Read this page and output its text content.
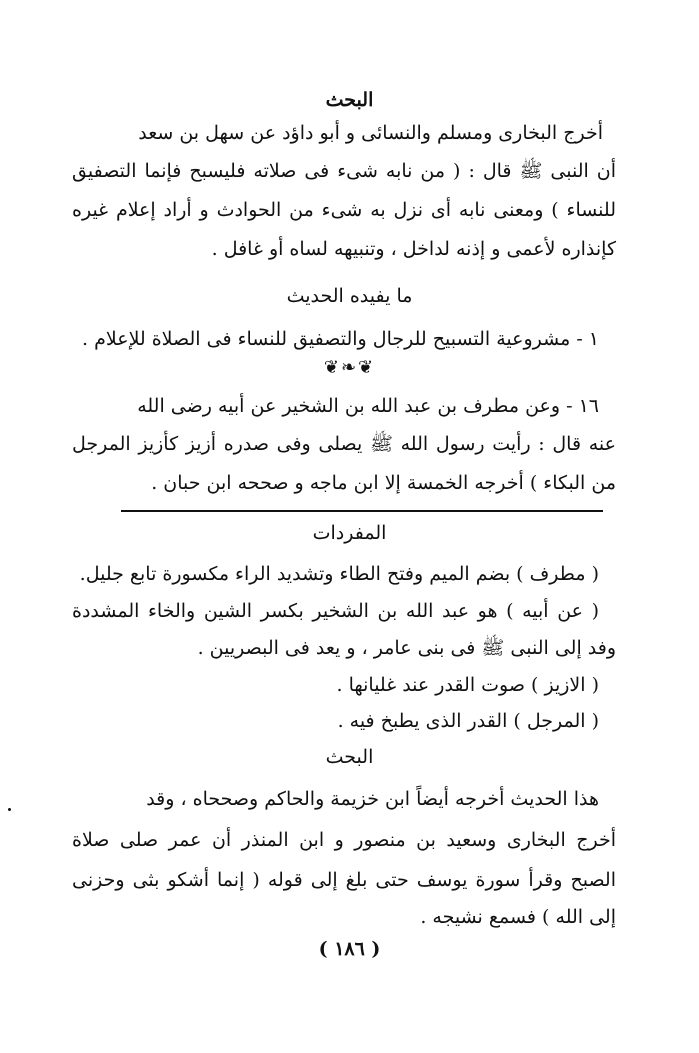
البحث
أخرج البخارى ومسلم والنسائى و أبو داؤد عن سهل بن سعد
أن النبى ﷺ قال : ( من نابه شىء فى صلاته فليسبح فإنما التصفيق
للنساء ) ومعنى نابه أى نزل به شىء من الحوادث و أراد إعلام غيره
كإنذاره لأعمى و إذنه لداخل ، وتنبيهه لساه أو غافل .
ما يفيده الحديث
١ - مشروعية التسبيح للرجال والتصفيق للنساء فى الصلاة للإعلام .
❦❧❦
١٦ - وعن مطرف بن عبد الله بن الشخير عن أبيه رضى الله
عنه قال : رأيت رسول الله ﷺ يصلى وفى صدره أزيز كأزيز المرجل
من البكاء ) أخرجه الخمسة إلا ابن ماجه و صححه ابن حبان .
المفردات
( مطرف ) بضم الميم وفتح الطاء وتشديد الراء مكسورة تابع جليل.
( عن أبيه ) هو عبد الله بن الشخير بكسر الشين والخاء المشددة
وفد إلى النبى ﷺ فى بنى عامر ، و يعد فى البصريين .
( الازيز ) صوت القدر عند غليانها .
( المرجل ) القدر الذى يطبخ فيه .
البحث
هذا الحديث أخرجه أيضاً ابن خزيمة والحاكم وصححاه ، وقد
أخرج البخارى وسعيد بن منصور و ابن المنذر أن عمر صلى صلاة
الصبح وقرأ سورة يوسف حتى بلغ إلى قوله ( إنما أشكو بثى وحزنى
إلى الله ) فسمع نشيجه .
( ١٨٦ )
